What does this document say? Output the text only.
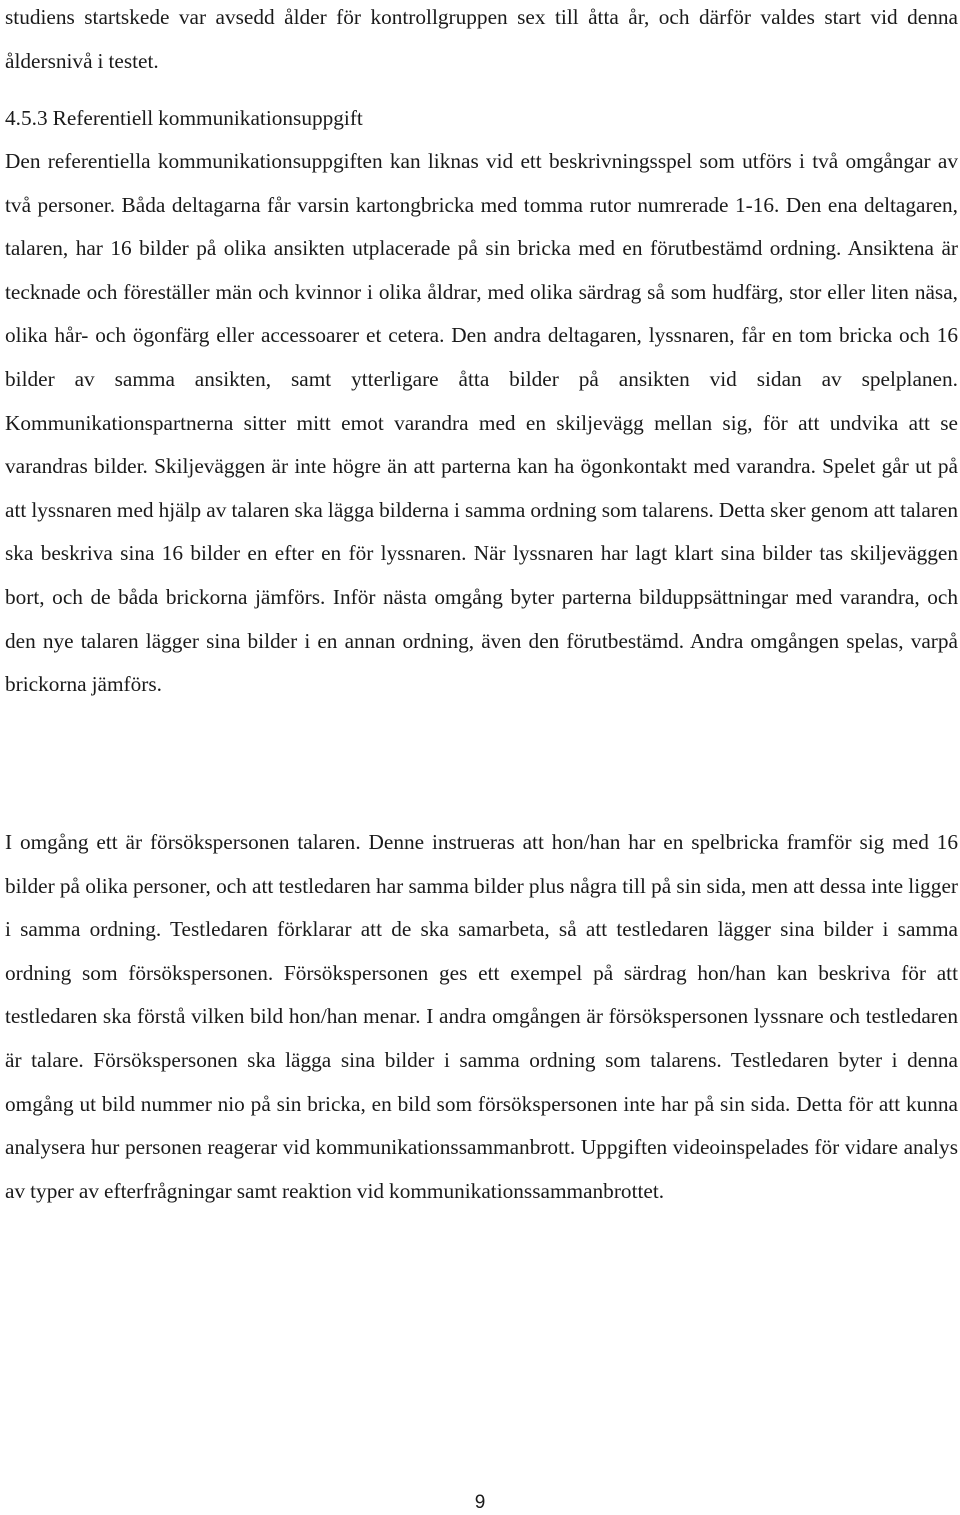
studiens startskede var avsedd ålder för kontrollgruppen sex till åtta år, och därför valdes start vid denna åldersnivå i testet.

4.5.3 Referentiell kommunikationsuppgift

Den referentiella kommunikationsuppgiften kan liknas vid ett beskrivningsspel som utförs i två omgångar av två personer. Båda deltagarna får varsin kartongbricka med tomma rutor numrerade 1-16. Den ena deltagaren, talaren, har 16 bilder på olika ansikten utplacerade på sin bricka med en förutbestämd ordning. Ansiktena är tecknade och föreställer män och kvinnor i olika åldrar, med olika särdrag så som hudfärg, stor eller liten näsa, olika hår- och ögonfärg eller accessoarer et cetera. Den andra deltagaren, lyssnaren, får en tom bricka och 16 bilder av samma ansikten, samt ytterligare åtta bilder på ansikten vid sidan av spelplanen. Kommunikationspartnerna sitter mitt emot varandra med en skiljevägg mellan sig, för att undvika att se varandras bilder. Skiljeväggen är inte högre än att parterna kan ha ögonkontakt med varandra. Spelet går ut på att lyssnaren med hjälp av talaren ska lägga bilderna i samma ordning som talarens. Detta sker genom att talaren ska beskriva sina 16 bilder en efter en för lyssnaren. När lyssnaren har lagt klart sina bilder tas skiljeväggen bort, och de båda brickorna jämförs. Inför nästa omgång byter parterna bilduppsättningar med varandra, och den nye talaren lägger sina bilder i en annan ordning, även den förutbestämd. Andra omgången spelas, varpå brickorna jämförs.

I omgång ett är försökspersonen talaren. Denne instrueras att hon/han har en spelbricka framför sig med 16 bilder på olika personer, och att testledaren har samma bilder plus några till på sin sida, men att dessa inte ligger i samma ordning. Testledaren förklarar att de ska samarbeta, så att testledaren lägger sina bilder i samma ordning som försökspersonen. Försökspersonen ges ett exempel på särdrag hon/han kan beskriva för att testledaren ska förstå vilken bild hon/han menar. I andra omgången är försökspersonen lyssnare och testledaren är talare. Försökspersonen ska lägga sina bilder i samma ordning som talarens. Testledaren byter i denna omgång ut bild nummer nio på sin bricka, en bild som försökspersonen inte har på sin sida. Detta för att kunna analysera hur personen reagerar vid kommunikationssammanbrott. Uppgiften videoinspelades för vidare analys av typer av efterfrågningar samt reaktion vid kommunikationssammanbrottet.

9
